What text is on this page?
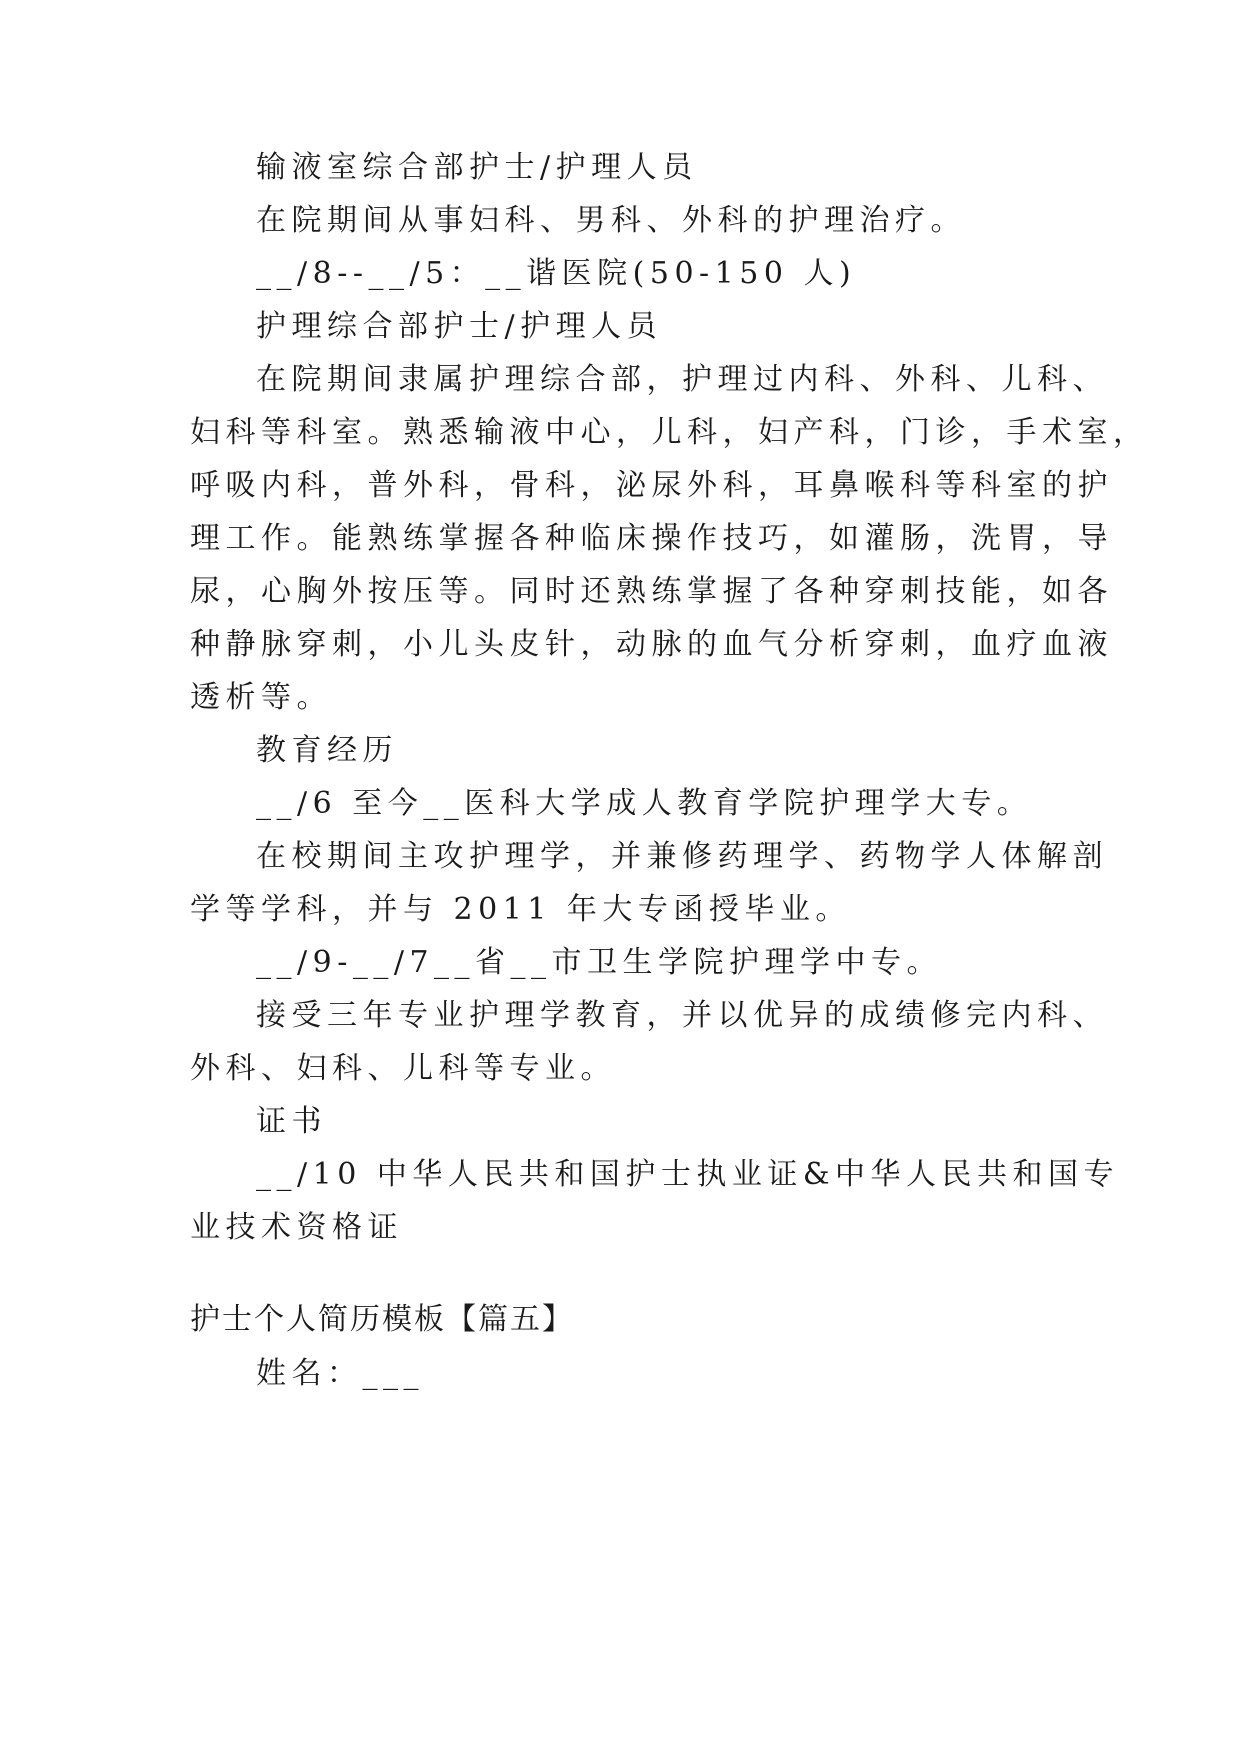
输液室综合部护士/护理人员
在院期间从事妇科、男科、外科的护理治疗。
__/8--__/5：__谐医院(50-150 人)
护理综合部护士/护理人员
在院期间隶属护理综合部，护理过内科、外科、儿科、
妇科等科室。熟悉输液中心，儿科，妇产科，门诊，手术室，
呼吸内科，普外科，骨科，泌尿外科，耳鼻喉科等科室的护
理工作。能熟练掌握各种临床操作技巧，如灌肠，洗胃，导
尿，心胸外按压等。同时还熟练掌握了各种穿刺技能，如各
种静脉穿刺，小儿头皮针，动脉的血气分析穿刺，血疗血液
透析等。
教育经历
__/6 至今__医科大学成人教育学院护理学大专。
在校期间主攻护理学，并兼修药理学、药物学人体解剖
学等学科，并与 2011 年大专函授毕业。
__/9-__/7__省__市卫生学院护理学中专。
接受三年专业护理学教育，并以优异的成绩修完内科、
外科、妇科、儿科等专业。
证书
__/10 中华人民共和国护士执业证&中华人民共和国专
业技术资格证
护士个人简历模板【篇五】
姓名：___
